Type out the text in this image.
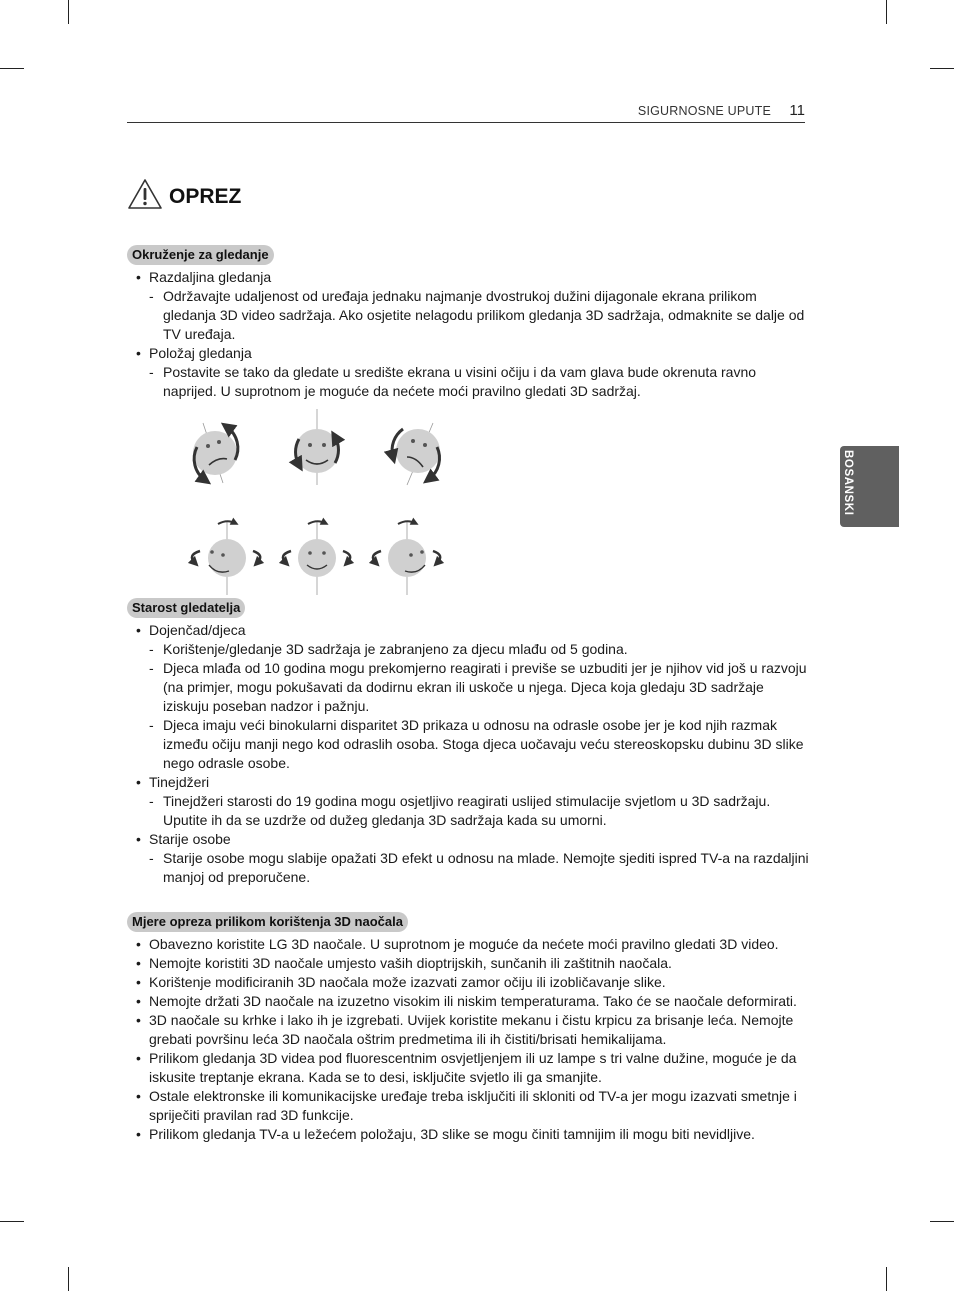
SIGURNOSNE UPUTE 11
BOSANSKI
OPREZ
Okruženje za gledanje
• Razdaljina gledanja
- Održavajte udaljenost od uređaja jednaku najmanje dvostrukoj dužini dijagonale ekrana prilikom gledanja 3D video sadržaja. Ako osjetite nelagodu prilikom gledanja 3D sadržaja, odmaknite se dalje od TV uređaja.
• Položaj gledanja
- Postavite se tako da gledate u središte ekrana u visini očiju i da vam glava bude okrenuta ravno naprijed. U suprotnom je moguće da nećete moći pravilno gledati 3D sadržaj.
Starost gledatelja
• Dojenčad/djeca
- Korištenje/gledanje 3D sadržaja je zabranjeno za djecu mlađu od 5 godina.
- Djeca mlađa od 10 godina mogu prekomjerno reagirati i previše se uzbuditi jer je njihov vid još u razvoju (na primjer, mogu pokušavati da dodirnu ekran ili uskoče u njega. Djeca koja gledaju 3D sadržaje iziskuju poseban nadzor i pažnju.
- Djeca imaju veći binokularni disparitet 3D prikaza u odnosu na odrasle osobe jer je kod njih razmak između očiju manji nego kod odraslih osoba. Stoga djeca uočavaju veću stereoskopsku dubinu 3D slike nego odrasle osobe.
• Tinejdžeri
- Tinejdžeri starosti do 19 godina mogu osjetljivo reagirati uslijed stimulacije svjetlom u 3D sadržaju. Uputite ih da se uzdrže od dužeg gledanja 3D sadržaja kada su umorni.
• Starije osobe
- Starije osobe mogu slabije opažati 3D efekt u odnosu na mlade. Nemojte sjediti ispred TV-a na razdaljini manjoj od preporučene.
Mjere opreza prilikom korištenja 3D naočala
• Obavezno koristite LG 3D naočale. U suprotnom je moguće da nećete moći pravilno gledati 3D video.
• Nemojte koristiti 3D naočale umjesto vaših dioptrijskih, sunčanih ili zaštitnih naočala.
• Korištenje modificiranih 3D naočala može izazvati zamor očiju ili izobličavanje slike.
• Nemojte držati 3D naočale na izuzetno visokim ili niskim temperaturama. Tako će se naočale deformirati.
• 3D naočale su krhke i lako ih je izgrebati. Uvijek koristite mekanu i čistu krpicu za brisanje leća. Nemojte grebati površinu leća 3D naočala oštrim predmetima ili ih čistiti/brisati hemikalijama.
• Prilikom gledanja 3D videa pod fluorescentnim osvjetljenjem ili uz lampe s tri valne dužine, moguće je da iskusite treptanje ekrana. Kada se to desi, isključite svjetlo ili ga smanjite.
• Ostale elektronske ili komunikacijske uređaje treba isključiti ili skloniti od TV-a jer mogu izazvati smetnje i spriječiti pravilan rad 3D funkcije.
• Prilikom gledanja TV-a u ležećem položaju, 3D slike se mogu činiti tamnijim ili mogu biti nevidljive.
